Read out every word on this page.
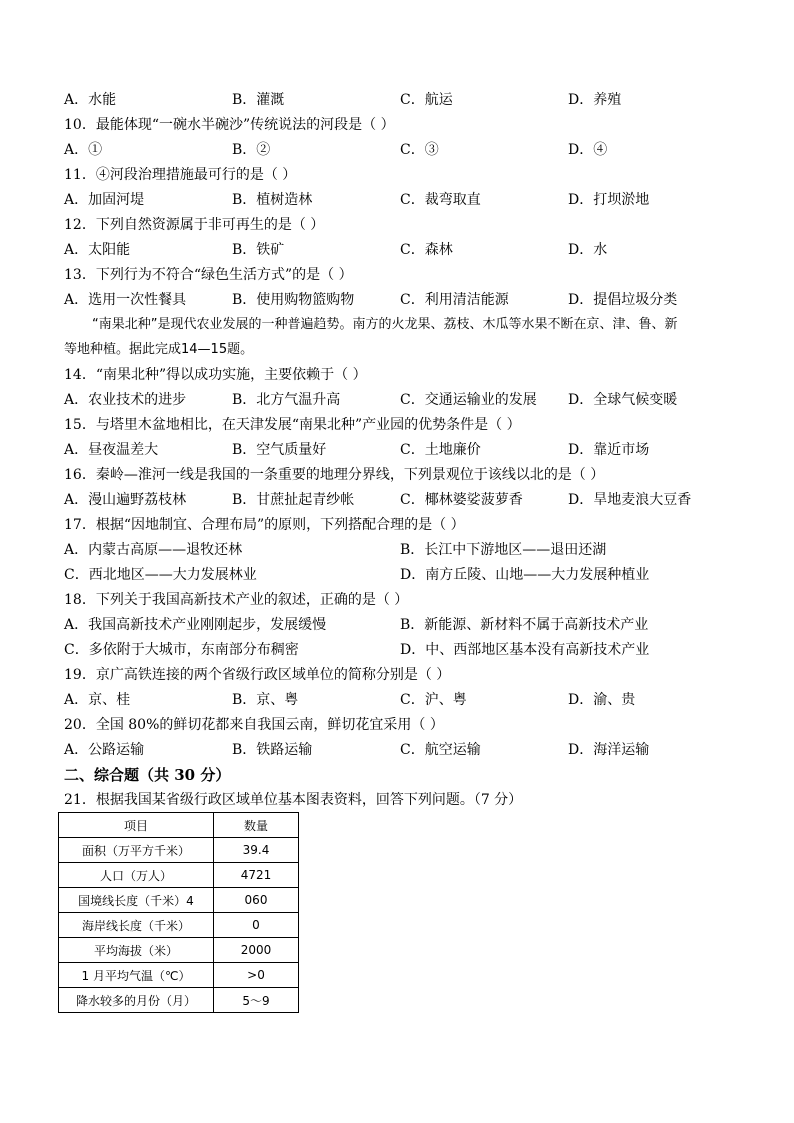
A．水能	B．灌溉	C．航运	D．养殖
10．最能体现“一碗水半碗沙”传统说法的河段是（ ）
A．①	B．②	C．③	D．④
11．④河段治理措施最可行的是（ ）
A．加固河堤	B．植树造林	C．裁弯取直	D．打坝淤地
12．下列自然资源属于非可再生的是（ ）
A．太阳能	B．铁矿	C．森林	D．水
13．下列行为不符合“绿色生活方式”的是（ ）
A．选用一次性餐具	B．使用购物篮购物	C．利用清洁能源	D．提倡垃圾分类
“南果北种”是现代农业发展的一种普遍趋势。南方的火龙果、荔枝、木瓜等水果不断在京、津、鲁、新
等地种植。据此完成14—15题。
14．“南果北种”得以成功实施，主要依赖于（ ）
A．农业技术的进步	B．北方气温升高	C．交通运输业的发展 D．全球气候变暖
15．与塔里木盆地相比，在天津发展“南果北种”产业园的优势条件是（ ）
A．昼夜温差大	B．空气质量好	C．土地廉价	D．靠近市场
16．秦岭—淮河一线是我国的一条重要的地理分界线，下列景观位于该线以北的是（ ）
A．漫山遍野荔枝林	B．甘蔗扯起青纱帐	C．椰林婆娑菠萝香	D．旱地麦浪大豆香
17．根据“因地制宜、合理布局”的原则，下列搭配合理的是（ ）
A．内蒙古高原——退牧还林	B．长江中下游地区——退田还湖
C．西北地区——大力发展林业	D．南方丘陵、山地——大力发展种植业
18．下列关于我国高新技术产业的叙述，正确的是（ ）
A．我国高新技术产业刚刚起步，发展缓慢	B．新能源、新材料不属于高新技术产业
C．多依附于大城市，东南部分布稠密	D．中、西部地区基本没有高新技术产业
19．京广高铁连接的两个省级行政区域单位的简称分别是（ ）
A．京、桂	B．京、粤	C．沪、粤	D．渝、贵
20．全国 80%的鲜切花都来自我国云南，鲜切花宜采用（ ）
A．公路运输	B．铁路运输	C．航空运输	D．海洋运输
二、综合题（共 30 分）
21．根据我国某省级行政区域单位基本图表资料，回答下列问题。（7 分）
项目	数量
面积（万平方千米）	39.4
人口（万人）	4721
国境线长度（千米）4	060
海岸线长度（千米）	0
平均海拔（米）	2000
1 月平均气温（℃）	>0
降水较多的月份（月）	5～9
